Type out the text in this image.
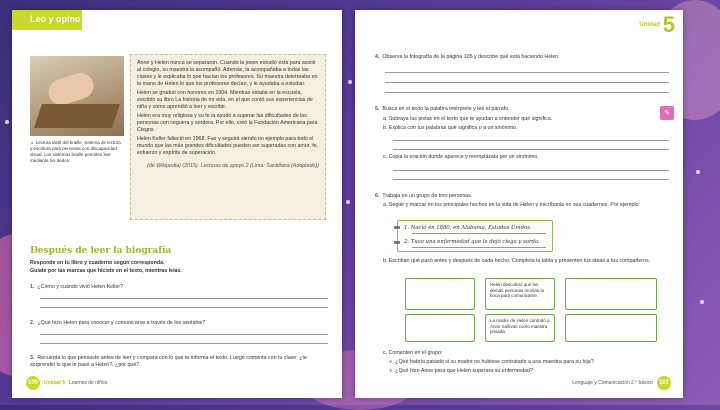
Leo y opino
▲ Lectura táctil del braille, sistema de lectura y escritura para personas con discapacidad visual. Los sistemas braille permiten leer mediante los dedos.

Anne y Helen nunca se separaron. Cuando la joven estudió esta para asistir al colegio, su maestra la acompañó. Además, la acompañaba a todas las clases y le explicaba lo que hacían los profesores. Su maestra deletreaba en la mano de Helen lo que los profesores decían, y le ayudaba a estudiar.

Helen se graduó con honores en 1904. Mientras estaba en la escuela, escribió su libro La historia de mi vida, en el que contó sus experiencias de niña y cómo aprendió a leer y escribir.

Helen era muy religiosa y su fe la ayudó a superar las dificultades de las personas con ceguera y sordera. Por ello, creó la Fundación Americana para Ciegos.

Helen Keller falleció en 1968. Fue y seguirá siendo un ejemplo para todo el mundo que las más grandes dificultades pueden ser superadas con amor, fe, esfuerzo y espíritu de superación.

(de Wikipedia) (2015). Lecturas de apoyo 2 (Lima: Santillana (Adaptado))

Después de leer la biografía
Responde en tu libro y cuaderno según corresponda.
Guíate por las marcas que hiciste en el texto, mientras leías.
1. ¿Cómo y cuándo vivió Helen Keller?
2. ¿Qué hizo Helen para conocer y comunicarse a través de los sentidos?
3. Recuerda lo que pensaste antes de leer y compara con lo que te informa el texto. Luego comenta con tu clase: ¿te sorprendió lo que le pasó a Helen?, ¿por qué?
100	Unidad 5 Leamos de niños
Unidad 5
4. Observa la fotografía de la página 105 y describe qué está haciendo Helen.
5. Busca en el texto la palabra intérprete y lee el párrafo.
✎
a. Subraya las pistas en el texto que te ayudan a entender qué significa.
b. Explica con tus palabras qué significa o a un sinónimo.
c. Copia la oración donde aparece y reemplázala por un sinónimo.
6. Trabaja en un grupo de tres personas.
a. Seguir y marcar en los principales hechos en la vida de Helen y escríbanla en sus cuadernos. Por ejemplo:
1. Nació en 1880, en Alabama, Estados Unidos.
2. Tuvo una enfermedad que la dejó ciega y sorda.
b. Escriban qué pasó antes y después de cada hecho. Completa la tabla y presenten tus ideas a tus compañeros.
Helen descubrió que las demás personas movían la boca para comunicarse.
La madre de Helen contrató a Anne Sullivan como maestra privada.
c. Comenten en el grupo:
● ¿Qué habría pasado si su madre no hubiese contratado a una maestra para su hija?
● ¿Qué hizo Anne para que Helen superara su enfermedad?
Lenguaje y Comunicación 2.º básico 101
